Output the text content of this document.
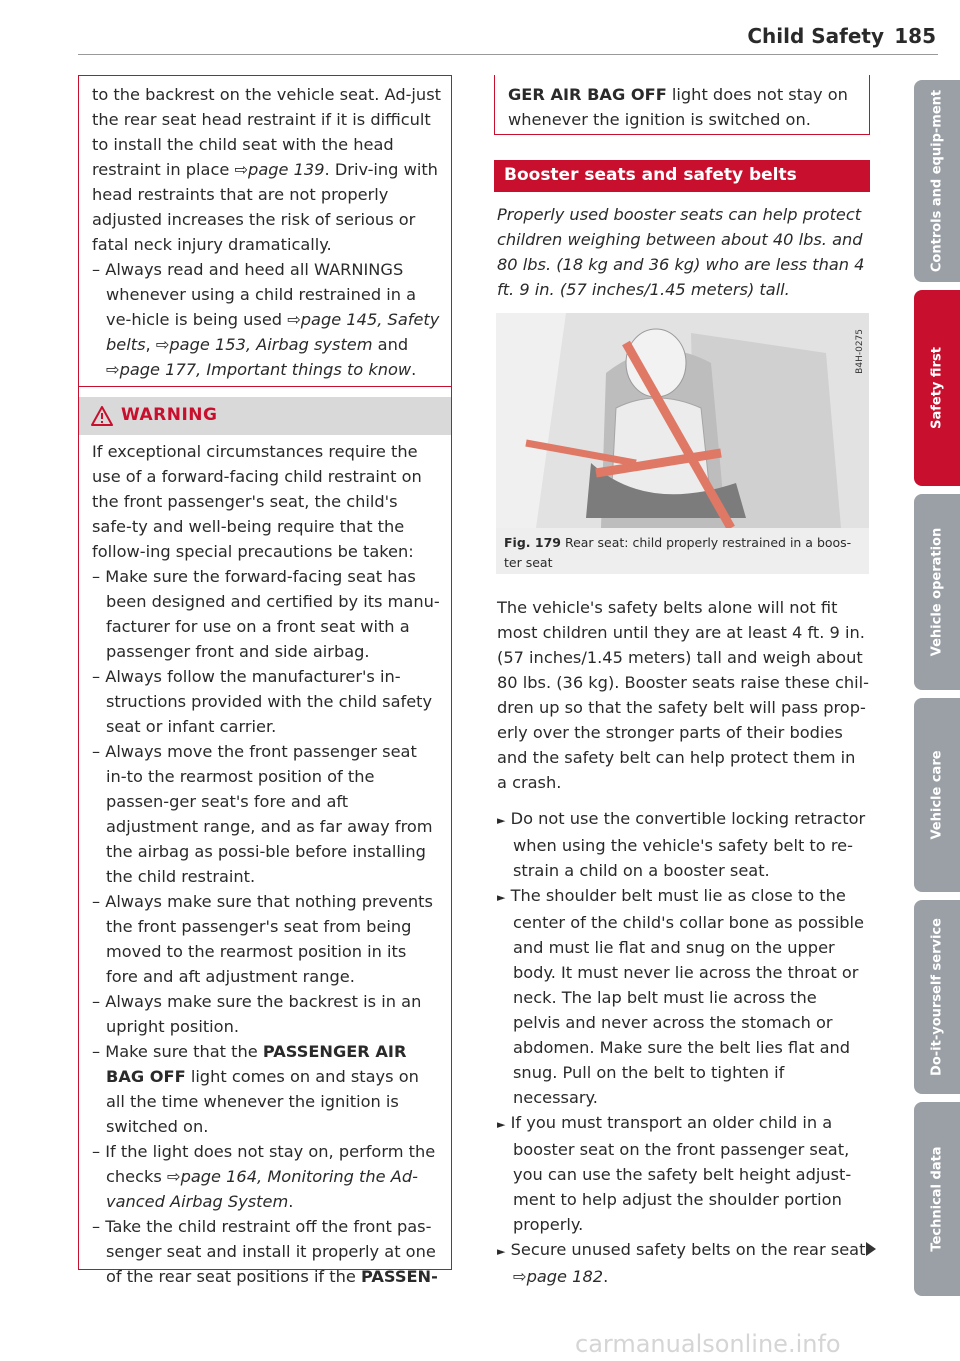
Child Safety 185

to the backrest on the vehicle seat. Ad-just the rear seat head restraint if it is difficult to install the child seat with the head restraint in place ⇨page 139. Driv-ing with head restraints that are not properly adjusted increases the risk of serious or fatal neck injury dramatically.

– Always read and heed all WARNINGS whenever using a child restrained in a ve-hicle is being used ⇨page 145, Safety belts, ⇨page 153, Airbag system and ⇨page 177, Important things to know.

WARNING

If exceptional circumstances require the use of a forward-facing child restraint on the front passenger's seat, the child's safe-ty and well-being require that the follow-ing special precautions be taken:

– Make sure the forward-facing seat has been designed and certified by its manu-facturer for use on a front seat with a passenger front and side airbag.

– Always follow the manufacturer's in-structions provided with the child safety seat or infant carrier.

– Always move the front passenger seat in-to the rearmost position of the passen-ger seat's fore and aft adjustment range, and as far away from the airbag as possi-ble before installing the child restraint.

– Always make sure that nothing prevents the front passenger's seat from being moved to the rearmost position in its fore and aft adjustment range.

– Always make sure the backrest is in an upright position.

– Make sure that the PASSENGER AIR BAG OFF light comes on and stays on all the time whenever the ignition is switched on.

– If the light does not stay on, perform the checks ⇨page 164, Monitoring the Ad-vanced Airbag System.

– Take the child restraint off the front pas-senger seat and install it properly at one of the rear seat positions if the PASSEN-

GER AIR BAG OFF light does not stay on whenever the ignition is switched on.

Booster seats and safety belts
Properly used booster seats can help protect children weighing between about 40 lbs. and 80 lbs. (18 kg and 36 kg) who are less than 4 ft. 9 in. (57 inches/1.45 meters) tall.
B4H-0275
Fig. 179 Rear seat: child properly restrained in a boos-ter seat

The vehicle's safety belts alone will not fit most children until they are at least 4 ft. 9 in. (57 inches/1.45 meters) tall and weigh about 80 lbs. (36 kg). Booster seats raise these chil-dren up so that the safety belt will pass prop-erly over the stronger parts of their bodies and the safety belt can help protect them in a crash.

► Do not use the convertible locking retractor when using the vehicle's safety belt to re-strain a child on a booster seat.

► The shoulder belt must lie as close to the center of the child's collar bone as possible and must lie flat and snug on the upper body. It must never lie across the throat or neck. The lap belt must lie across the pelvis and never across the stomach or abdomen. Make sure the belt lies flat and snug. Pull on the belt to tighten if necessary.

► If you must transport an older child in a booster seat on the front passenger seat, you can use the safety belt height adjust-ment to help adjust the shoulder portion properly.

► Secure unused safety belts on the rear seat ⇨page 182.

Controls and equip-ment
Safety first
Vehicle operation
Vehicle care
Do-it-yourself service
Technical data
carmanualsonline.info
